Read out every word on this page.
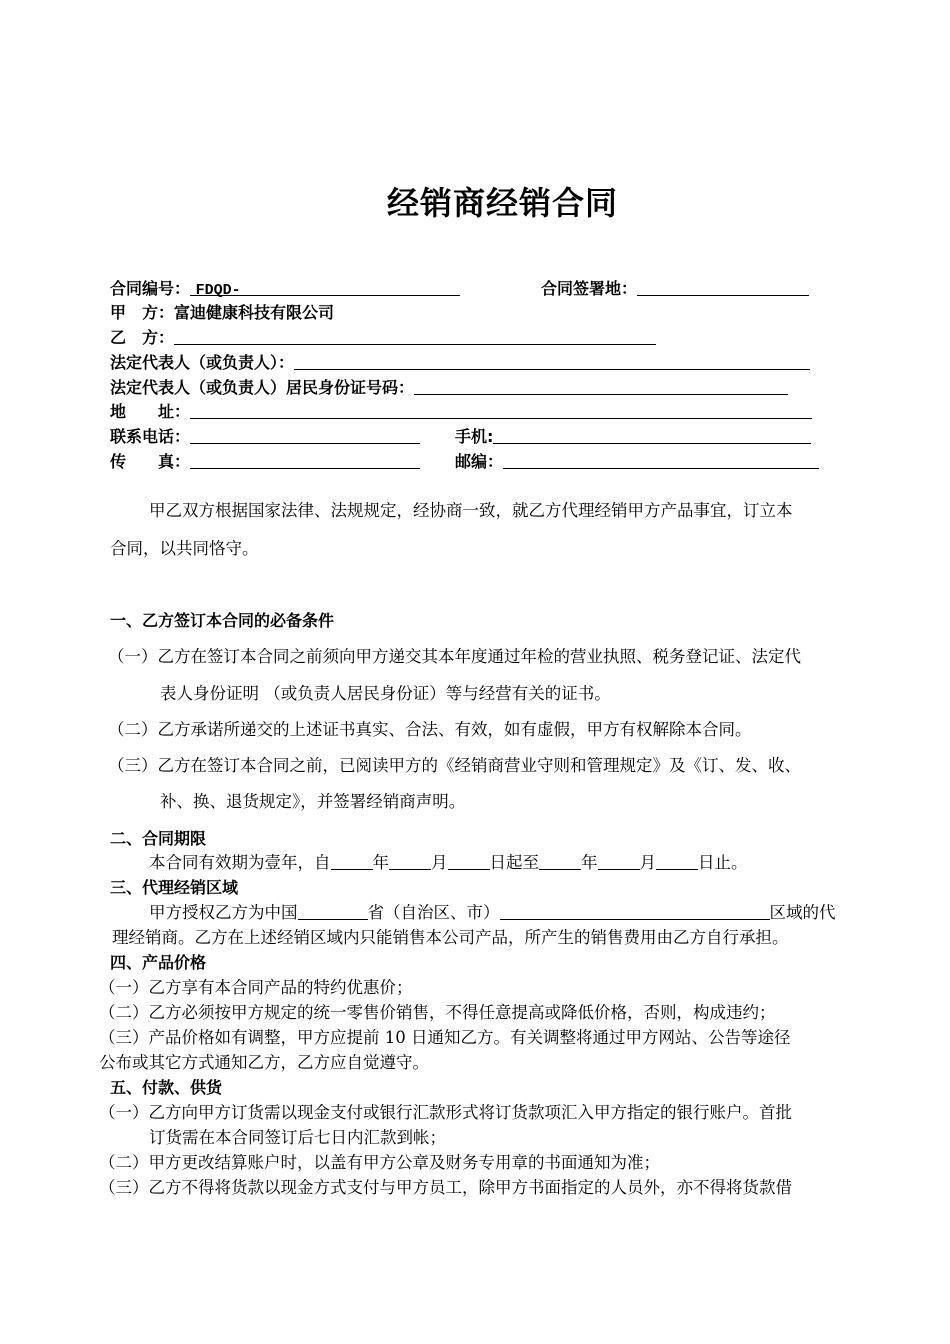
经销商经销合同
合同编号： FDQD-	合同签署地：
甲　方：富迪健康科技有限公司
乙　方：
法定代表人（或负责人）：
法定代表人（或负责人）居民身份证号码：
地　　址：
联系电话：	手机:
传　　真：	邮编：
甲乙双方根据国家法律、法规规定，经协商一致，就乙方代理经销甲方产品事宜，订立本
合同，以共同恪守。
一、乙方签订本合同的必备条件
（一）乙方在签订本合同之前须向甲方递交其本年度通过年检的营业执照、税务登记证、法定代
表人身份证明 （或负责人居民身份证）等与经营有关的证书。
（二）乙方承诺所递交的上述证书真实、合法、有效，如有虚假，甲方有权解除本合同。
（三）乙方在签订本合同之前，已阅读甲方的《经销商营业守则和管理规定》及《订、发、收、
补、换、退货规定》，并签署经销商声明。
二、合同期限
本合同有效期为壹年，自	年	月	日起至	年	月	日止。
三、代理经销区域
甲方授权乙方为中国	省（自治区、市）	区域的代
理经销商。乙方在上述经销区域内只能销售本公司产品，所产生的销售费用由乙方自行承担。
四、产品价格
（一）乙方享有本合同产品的特约优惠价；
（二）乙方必须按甲方规定的统一零售价销售，不得任意提高或降低价格，否则，构成违约；
（三）产品价格如有调整，甲方应提前 10 日通知乙方。有关调整将通过甲方网站、公告等途径
公布或其它方式通知乙方，乙方应自觉遵守。
五、付款、供货
（一）乙方向甲方订货需以现金支付或银行汇款形式将订货款项汇入甲方指定的银行账户。首批
订货需在本合同签订后七日内汇款到帐；
（二）甲方更改结算账户时，以盖有甲方公章及财务专用章的书面通知为准；
（三）乙方不得将货款以现金方式支付与甲方员工，除甲方书面指定的人员外，亦不得将货款借
